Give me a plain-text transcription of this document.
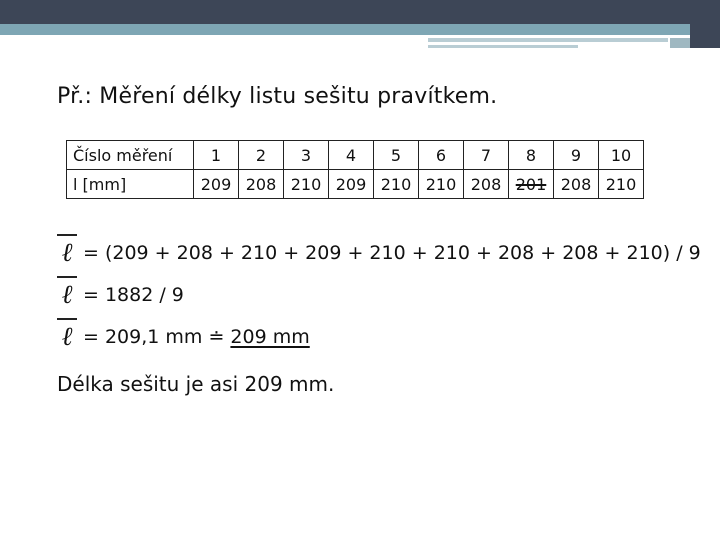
Př.: Měření délky listu sešitu pravítkem.
Číslo měření	1	2	3	4	5	6	7	8	9	10
l [mm]	209	208	210	209	210	210	208	201	208	210
ℓ = (209 + 208 + 210 + 209 + 210 + 210 + 208 + 208 + 210) / 9
ℓ = 1882 / 9
ℓ = 209,1 mm ≐ 209 mm
Délka sešitu je asi 209 mm.
